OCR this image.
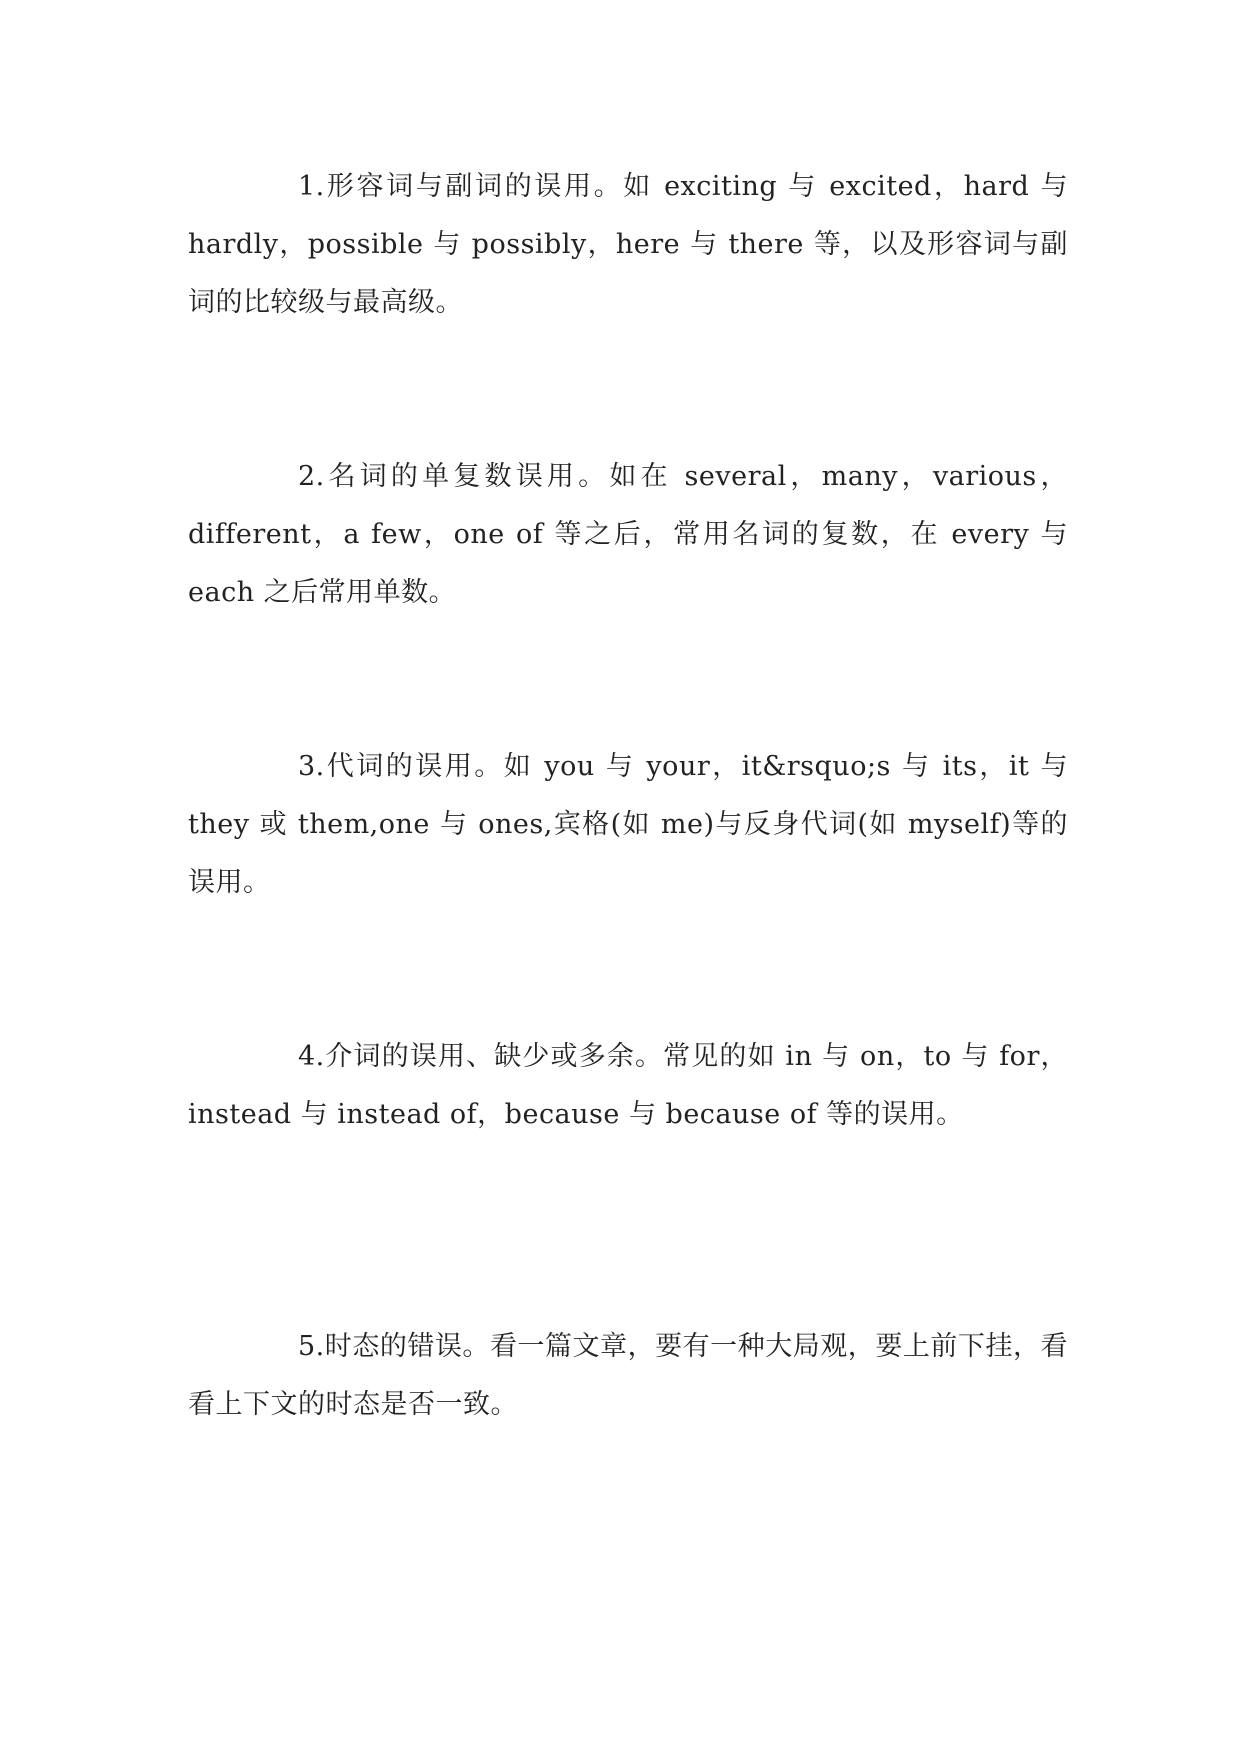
1.形容词与副词的误用。如 exciting 与 excited，hard 与 hardly，possible 与 possibly，here 与 there 等，以及形容词与副词的比较级与最高级。

2.名词的单复数误用。如在 several，many，various，different，a few，one of 等之后，常用名词的复数，在 every 与 each 之后常用单数。

3.代词的误用。如 you 与 your，it&rsquo;s 与 its，it 与 they 或 them,one 与 ones,宾格(如 me)与反身代词(如 myself)等的误用。

4.介词的误用、缺少或多余。常见的如 in 与 on，to 与 for，instead 与 instead of，because 与 because of 等的误用。

5.时态的错误。看一篇文章，要有一种大局观，要上前下挂，看看上下文的时态是否一致。
